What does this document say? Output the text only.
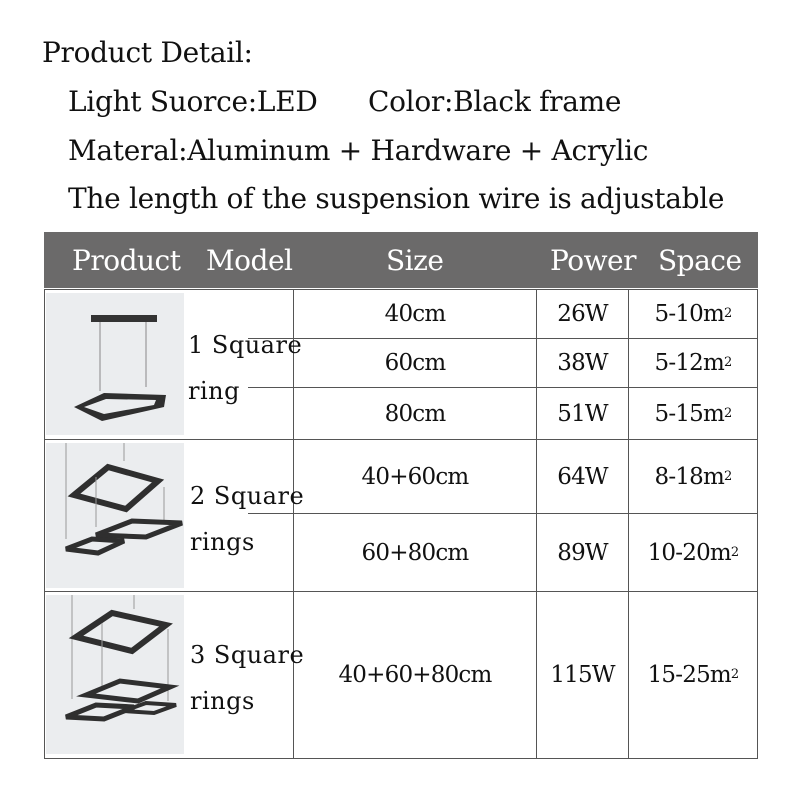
Product Detail:
Light Suorce:LED Color:Black frame
Materal:Aluminum + Hardware + Acrylic
The length of the suspension wire is adjustable
Product Model	Size	Power Space
1 Square
ring
40cm	26W	5-10m 2
60cm	38W	5-12m 2
80cm	51W	5-15m 2
2 Square
rings
40+60cm	64W	8-18m 2
60+80cm	89W	10-20m 2
3 Square
rings
40+60+80cm	115W	15-25m 2
